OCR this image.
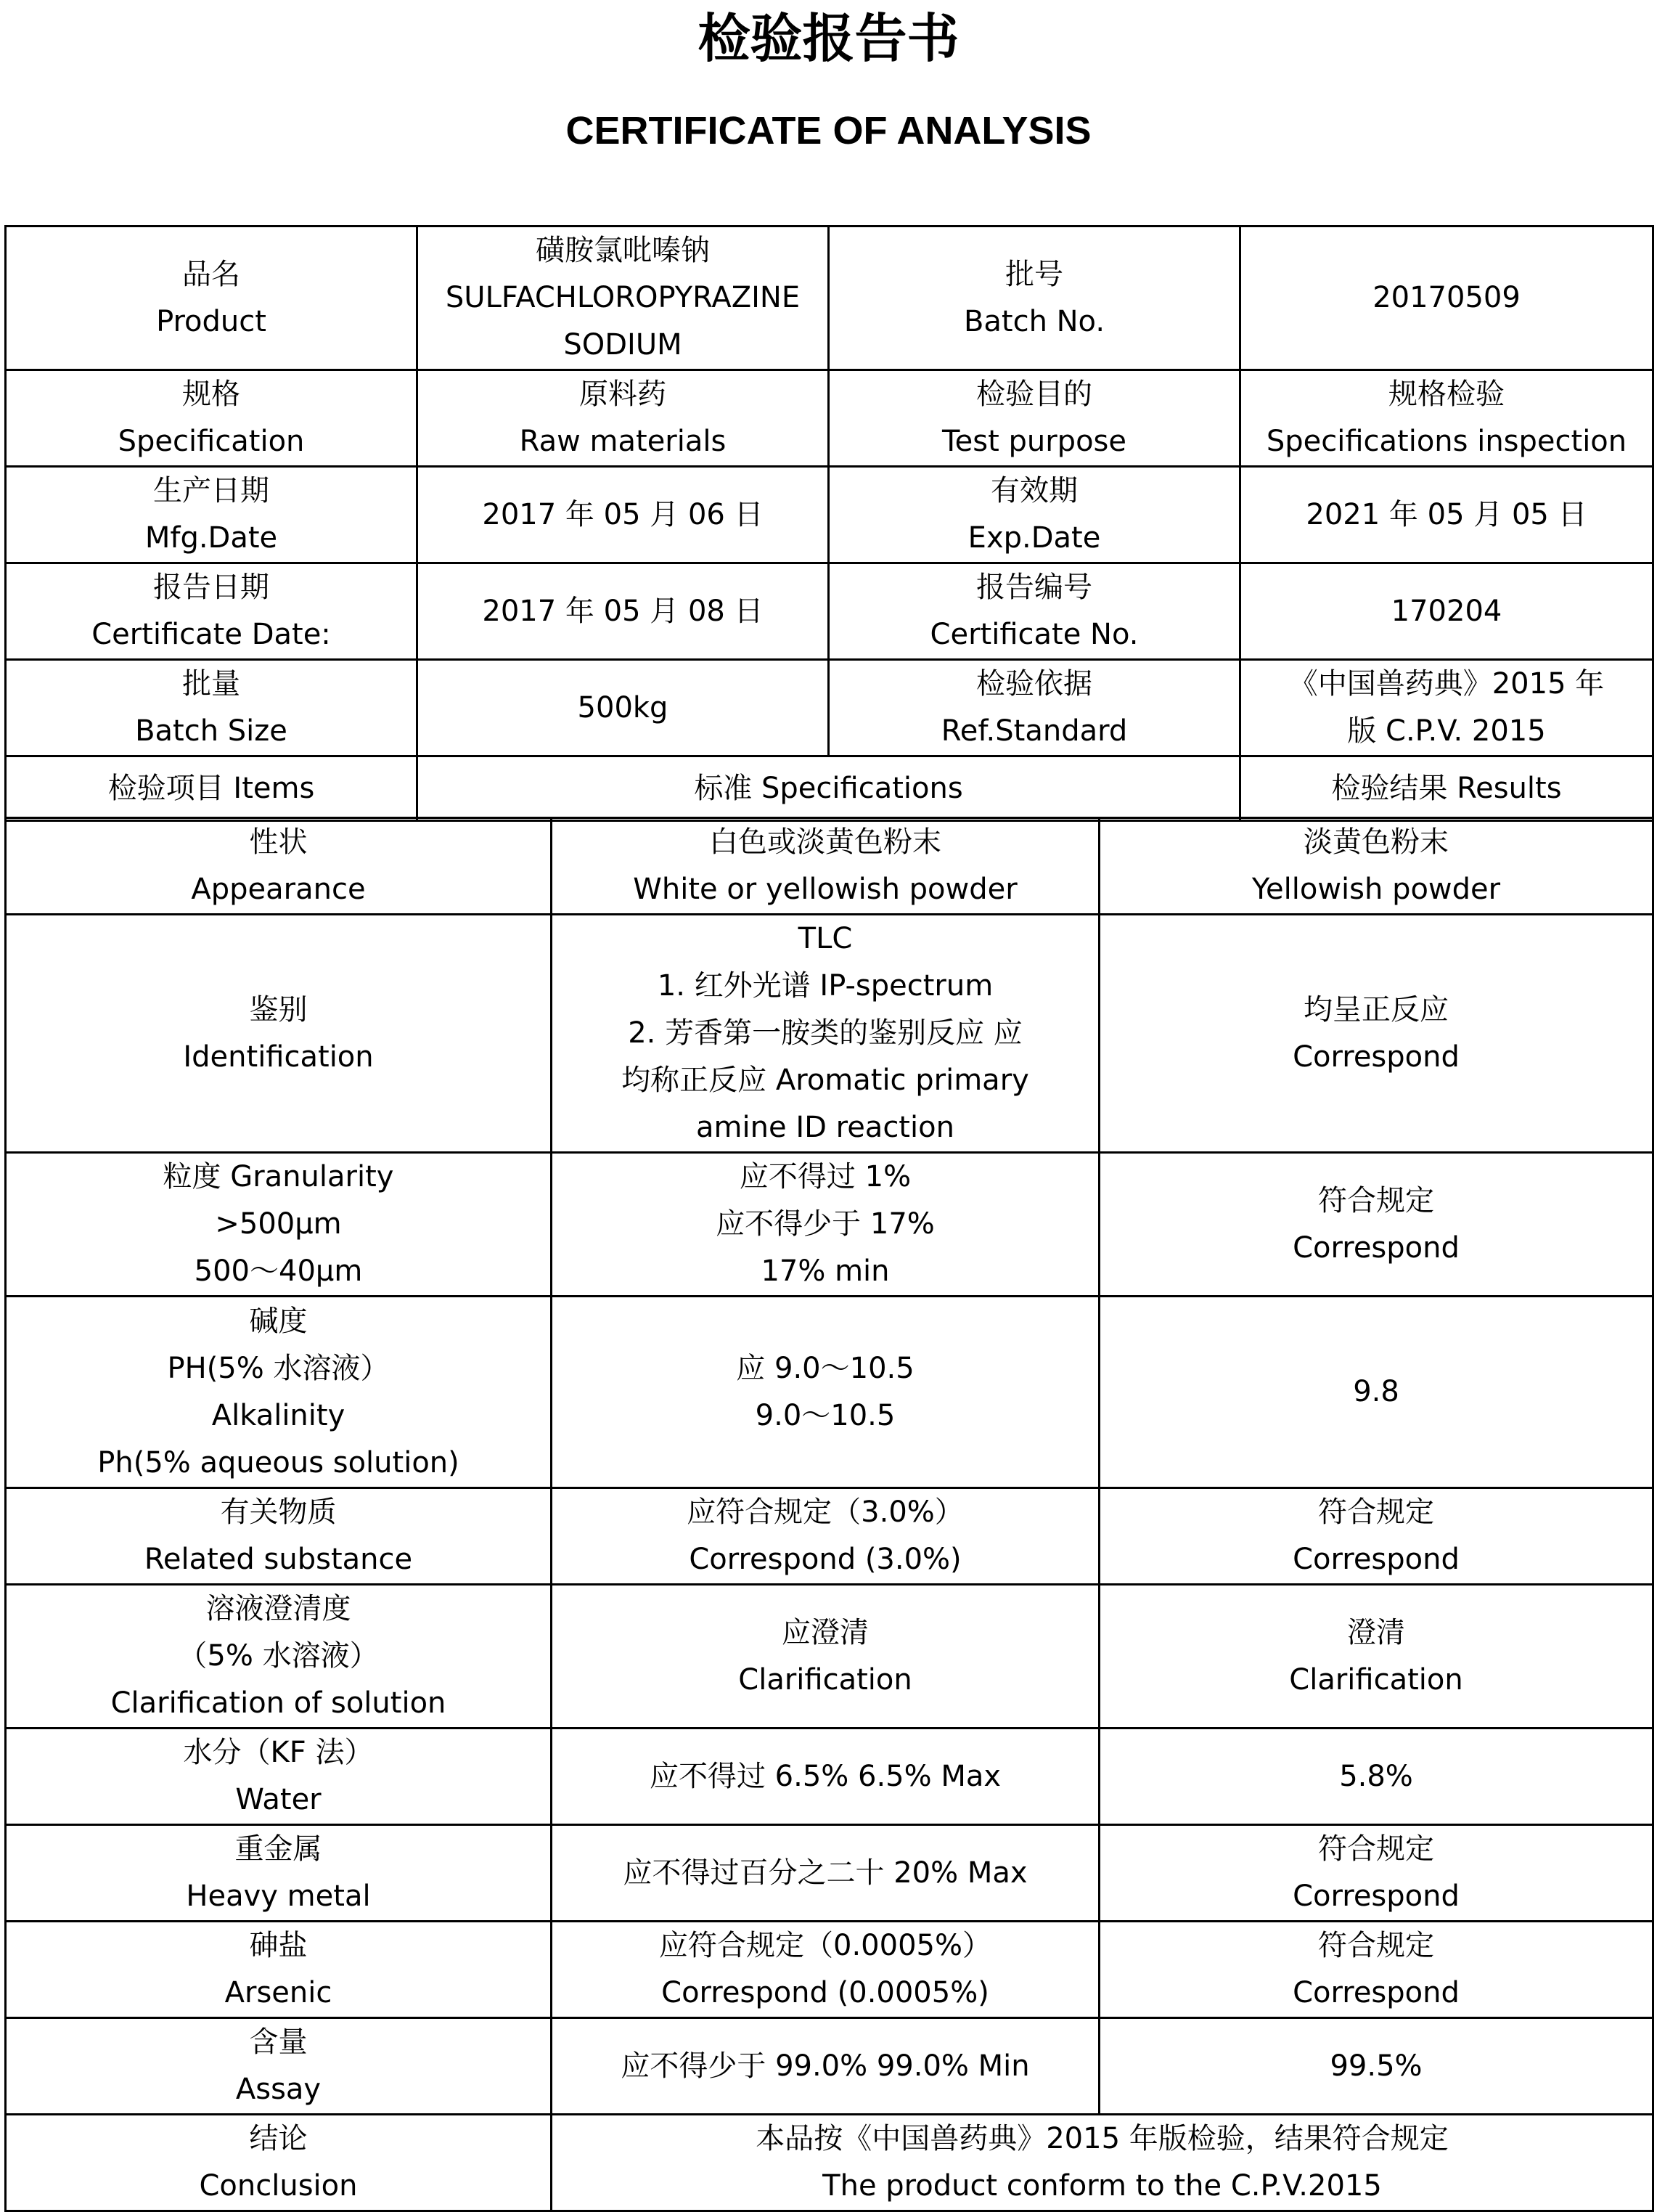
检验报告书
CERTIFICATE OF ANALYSIS
品名
Product	磺胺氯吡嗪钠
SULFACHLOROPYRAZINE
SODIUM	批号
Batch No.	20170509

规格
Specification	原料药
Raw materials	检验目的
Test purpose	规格检验
Specifications inspection

生产日期
Mfg.Date	2017 年 05 月 06 日	有效期
Exp.Date	2021 年 05 月 05 日

报告日期
Certificate Date:	2017 年 05 月 08 日	报告编号
Certificate No.	170204

批量
Batch Size	500kg	检验依据
Ref.Standard	《中国兽药典》2015 年
版 C.P.V. 2015

检验项目 Items	标准 Specifications		检验结果 Results
性状
Appearance	白色或淡黄色粉末
White or yellowish powder	淡黄色粉末
Yellowish powder

鉴别
Identification	TLC
1. 红外光谱 IP-spectrum
2. 芳香第一胺类的鉴别反应 应
均称正反应 Aromatic primary
amine ID reaction	均呈正反应
Correspond

粒度 Granularity
>500μm
500～40μm	应不得过 1%
应不得少于 17%
17% min	符合规定
Correspond

碱度
PH(5% 水溶液）
Alkalinity
Ph(5% aqueous solution)	应 9.0～10.5
9.0～10.5	9.8

有关物质
Related substance	应符合规定（3.0%）
Correspond (3.0%)	符合规定
Correspond

溶液澄清度
（5% 水溶液）
Clarification of solution	应澄清
Clarification	澄清
Clarification

水分（KF 法）
Water	应不得过 6.5% 6.5% Max	5.8%

重金属
Heavy metal	应不得过百分之二十 20% Max	符合规定
Correspond

砷盐
Arsenic	应符合规定（0.0005%）
Correspond (0.0005%)	符合规定
Correspond

含量
Assay	应不得少于 99.0% 99.0% Min	99.5%

结论
Conclusion	本品按《中国兽药典》2015 年版检验，结果符合规定
The product conform to the C.P.V.2015	
